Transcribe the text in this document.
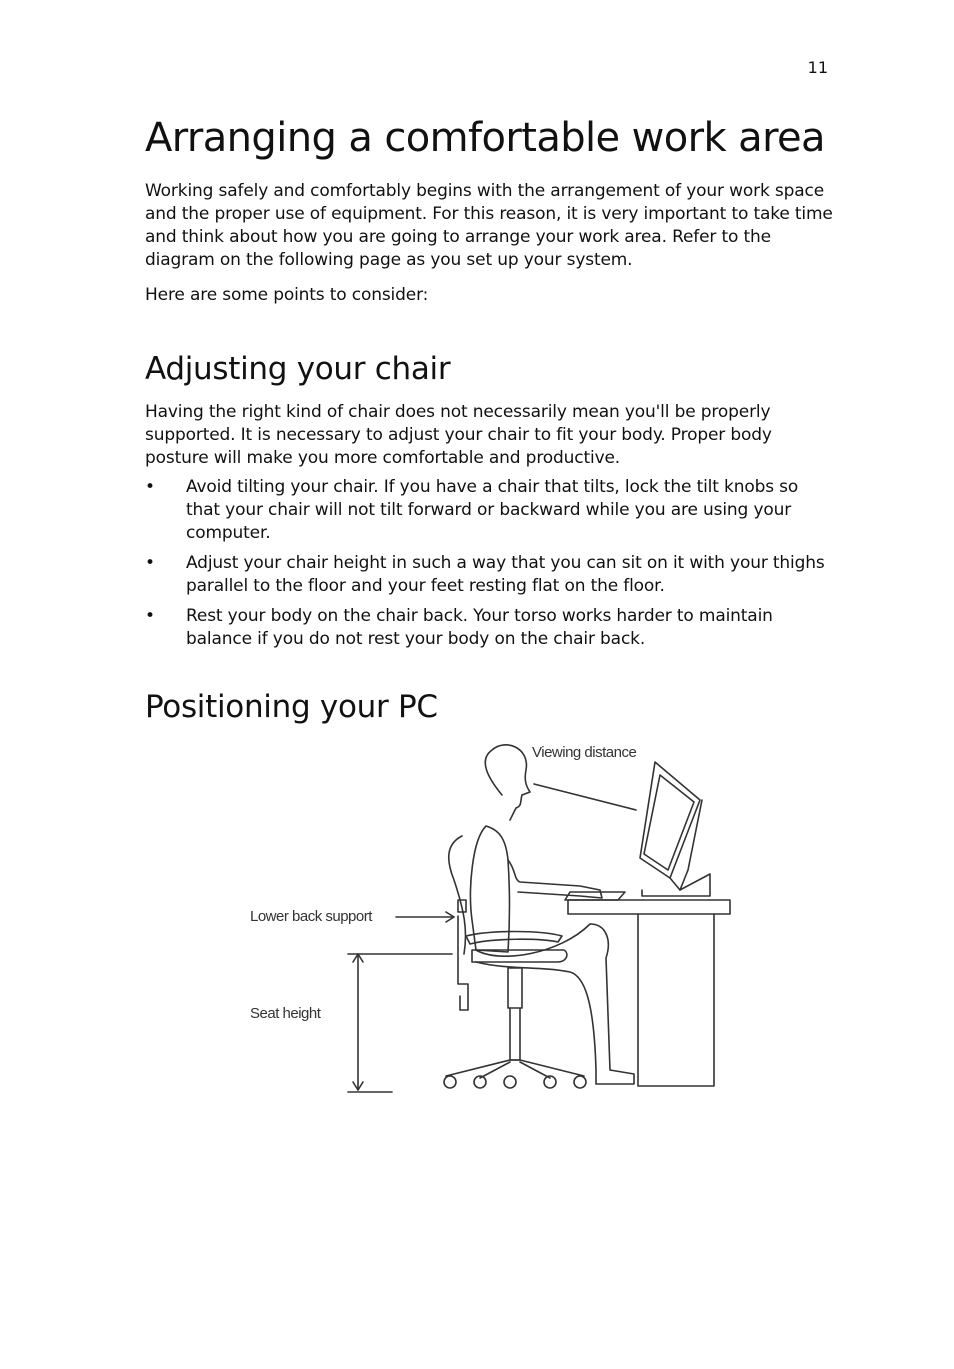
11
Arranging a comfortable work area

Working safely and comfortably begins with the arrangement of your work space and the proper use of equipment. For this reason, it is very important to take time and think about how you are going to arrange your work area. Refer to the diagram on the following page as you set up your system.

Here are some points to consider:

Adjusting your chair

Having the right kind of chair does not necessarily mean you'll be properly supported. It is necessary to adjust your chair to fit your body. Proper body posture will make you more comfortable and productive.

• Avoid tilting your chair. If you have a chair that tilts, lock the tilt knobs so that your chair will not tilt forward or backward while you are using your computer.
• Adjust your chair height in such a way that you can sit on it with your thighs parallel to the floor and your feet resting flat on the floor.
• Rest your body on the chair back. Your torso works harder to maintain balance if you do not rest your body on the chair back.
Positioning your PC
Viewing distance
Lower back support
Seat height
